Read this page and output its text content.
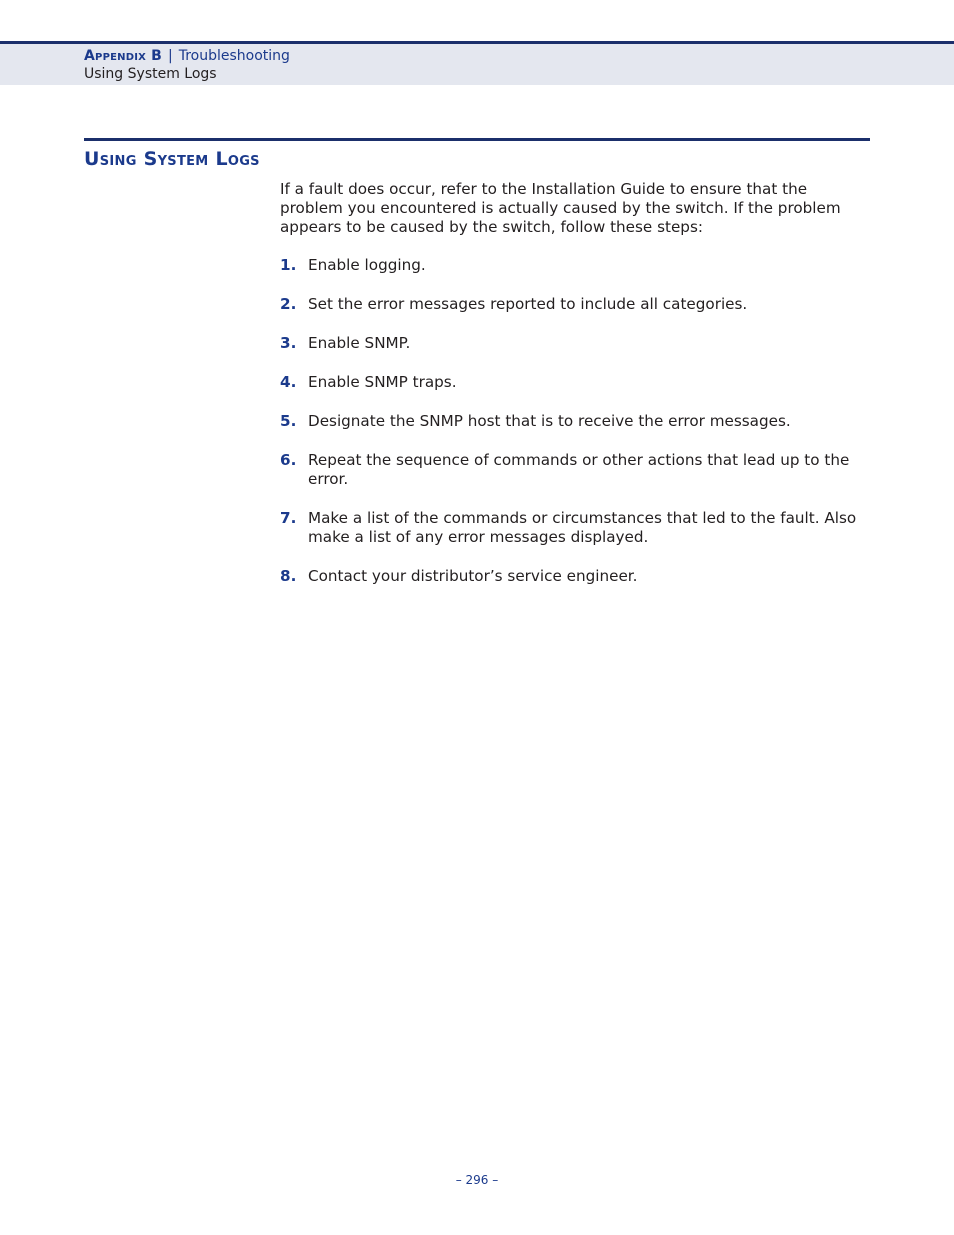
Appendix B | Troubleshooting
Using System Logs
Using System Logs
If a fault does occur, refer to the Installation Guide to ensure that the problem you encountered is actually caused by the switch. If the problem appears to be caused by the switch, follow these steps:
1. Enable logging.
2. Set the error messages reported to include all categories.
3. Enable SNMP.
4. Enable SNMP traps.
5. Designate the SNMP host that is to receive the error messages.
6. Repeat the sequence of commands or other actions that lead up to the error.
7. Make a list of the commands or circumstances that led to the fault. Also make a list of any error messages displayed.
8. Contact your distributor’s service engineer.
– 296 –
